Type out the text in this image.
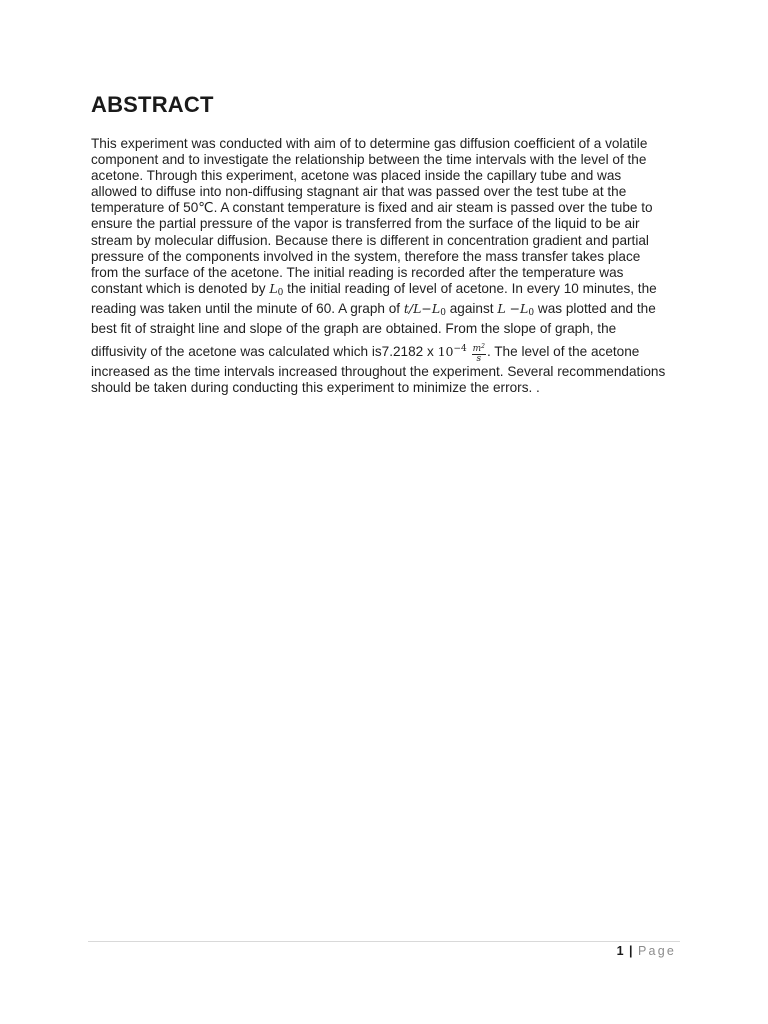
ABSTRACT
This experiment was conducted with aim of to determine gas diffusion coefficient of a volatile
component and to investigate the relationship between the time intervals with the level of the
acetone. Through this experiment, acetone was placed inside the capillary tube and was
allowed to diffuse into non-diffusing stagnant air that was passed over the test tube at the
temperature of 50℃. A constant temperature is fixed and air steam is passed over the tube to
ensure the partial pressure of the vapor is transferred from the surface of the liquid to be air
stream by molecular diffusion. Because there is different in concentration gradient and partial
pressure of the components involved in the system, therefore the mass transfer takes place
from the surface of the acetone. The initial reading is recorded after the temperature was
constant which is denoted by $L_0$ the initial reading of level of acetone. In every 10 minutes, the
reading was taken until the minute of 60. A graph of $t/L-L_0$ against $L -L_0$ was plotted and the
best fit of straight line and slope of the graph are obtained. From the slope of graph, the
diffusivity of the acetone was calculated which is7.2182 x $10^{-4} \frac{m^2}{s}$ . The level of the acetone
increased as the time intervals increased throughout the experiment. Several recommendations
should be taken during conducting this experiment to minimize the errors. .
1 | Page
